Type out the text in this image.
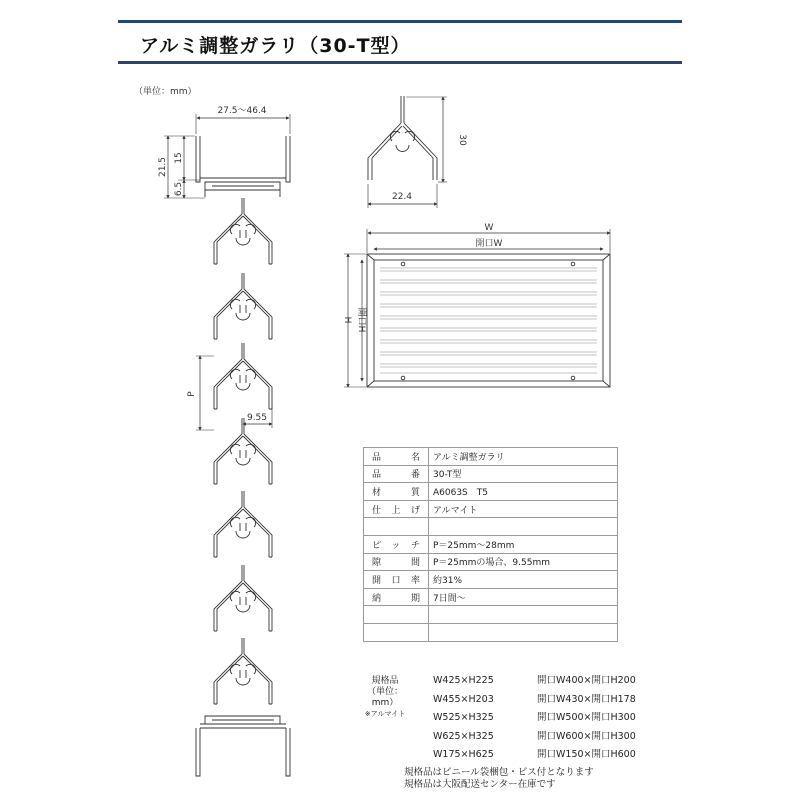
アルミ調整ガラリ（30-T型）
（単位：mm）
27.5〜46.4
21.5 15
6.5
P
9.55
30
22.4
W
開口W
H 開口H
品名	アルミ調整ガラリ
品番	30-T型
材質	A6063S　T5
仕上げ	アルマイト

ピッチ	P＝25mm〜28mm
隙間	P＝25mmの場合、9.55mm
開口率	約31%
納期	7日間〜

規格品
（単位：mm）
※アルマイト
W425×H225	開口W400×開口H200
W455×H203	開口W430×開口H178
W525×H325	開口W500×開口H300
W625×H325	開口W600×開口H300
W175×H625	開口W150×開口H600
規格品はビニール袋梱包・ビス付となります
規格品は大阪配送センター在庫です
